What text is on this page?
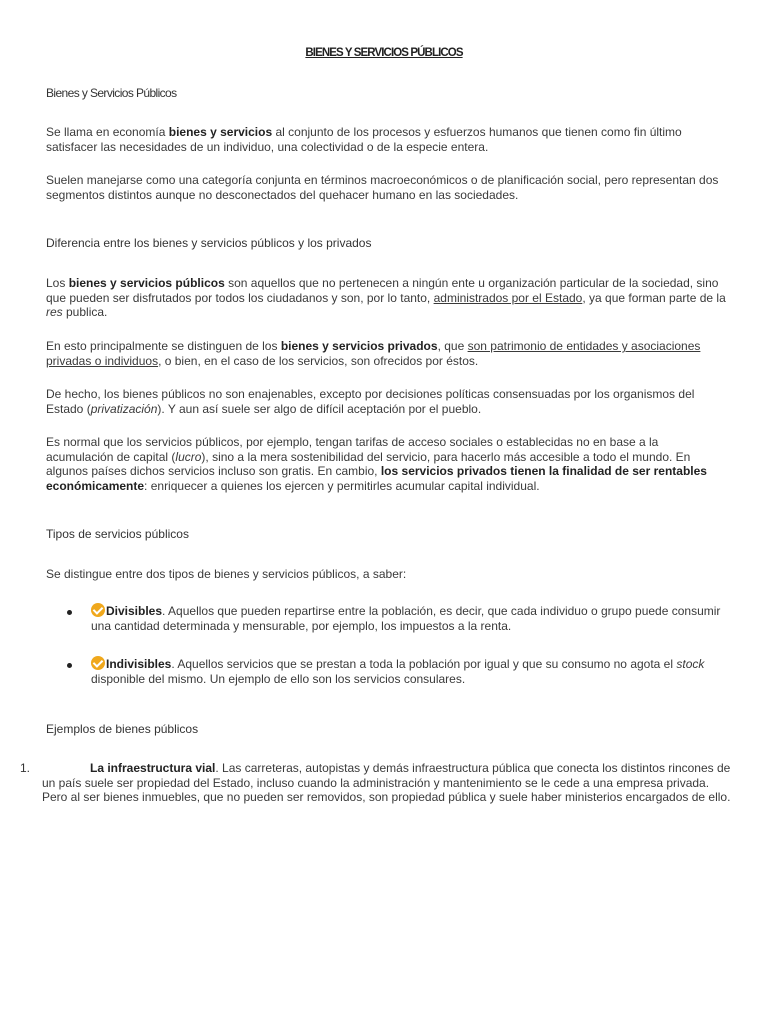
BIENES Y SERVICIOS PÚBLICOS
Bienes y Servicios Públicos
Se llama en economía bienes y servicios al conjunto de los procesos y esfuerzos humanos que tienen como fin último satisfacer las necesidades de un individuo, una colectividad o de la especie entera.
Suelen manejarse como una categoría conjunta en términos macroeconómicos o de planificación social, pero representan dos segmentos distintos aunque no desconectados del quehacer humano en las sociedades.
Diferencia entre los bienes y servicios públicos y los privados
Los bienes y servicios públicos son aquellos que no pertenecen a ningún ente u organización particular de la sociedad, sino que pueden ser disfrutados por todos los ciudadanos y son, por lo tanto, administrados por el Estado, ya que forman parte de la res publica.
En esto principalmente se distinguen de los bienes y servicios privados, que son patrimonio de entidades y asociaciones privadas o individuos, o bien, en el caso de los servicios, son ofrecidos por éstos.
De hecho, los bienes públicos no son enajenables, excepto por decisiones políticas consensuadas por los organismos del Estado (privatización). Y aun así suele ser algo de difícil aceptación por el pueblo.
Es normal que los servicios públicos, por ejemplo, tengan tarifas de acceso sociales o establecidas no en base a la acumulación de capital (lucro), sino a la mera sostenibilidad del servicio, para hacerlo más accesible a todo el mundo. En algunos países dichos servicios incluso son gratis. En cambio, los servicios privados tienen la finalidad de ser rentables económicamente: enriquecer a quienes los ejercen y permitirles acumular capital individual.
Tipos de servicios públicos
Se distingue entre dos tipos de bienes y servicios públicos, a saber:
Divisibles. Aquellos que pueden repartirse entre la población, es decir, que cada individuo o grupo puede consumir una cantidad determinada y mensurable, por ejemplo, los impuestos a la renta.
Indivisibles. Aquellos servicios que se prestan a toda la población por igual y que su consumo no agota el stock disponible del mismo. Un ejemplo de ello son los servicios consulares.
Ejemplos de bienes públicos
1.	La infraestructura vial. Las carreteras, autopistas y demás infraestructura pública que conecta los distintos rincones de un país suele ser propiedad del Estado, incluso cuando la administración y mantenimiento se le cede a una empresa privada. Pero al ser bienes inmuebles, que no pueden ser removidos, son propiedad pública y suele haber ministerios encargados de ello.
